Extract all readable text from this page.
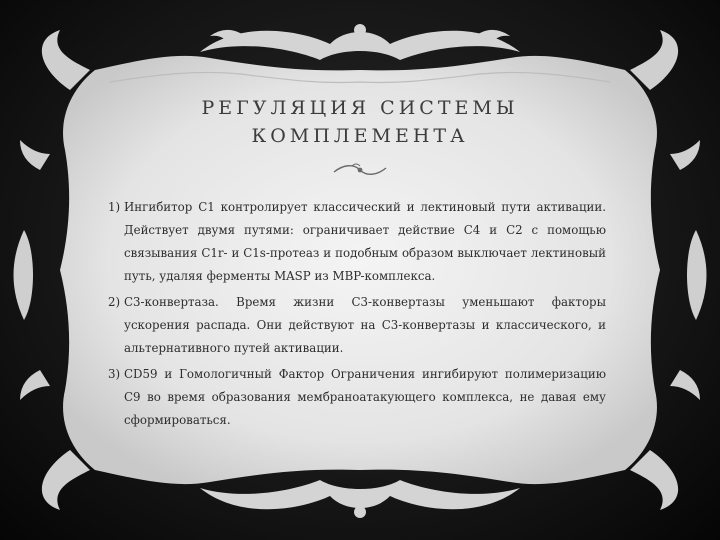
РЕГУЛЯЦИЯ СИСТЕМЫ
КОМПЛЕМЕНТА
1) Ингибитор C1 контролирует классический и лектиновый пути активации. Действует двумя путями: ограничивает действие C4 и C2 с помощью связывания C1r- и C1s-протеаз и подобным образом выключает лектиновый путь, удаляя ферменты MASP из MBP-комплекса.
2) C3-конвертаза. Время жизни C3-конвертазы уменьшают факторы ускорения распада. Они действуют на C3-конвертазы и классического, и альтернативного путей активации.
3) CD59 и Гомологичный Фактор Ограничения ингибируют полимеризацию C9 во время образования мембраноатакующего комплекса, не давая ему сформироваться.
